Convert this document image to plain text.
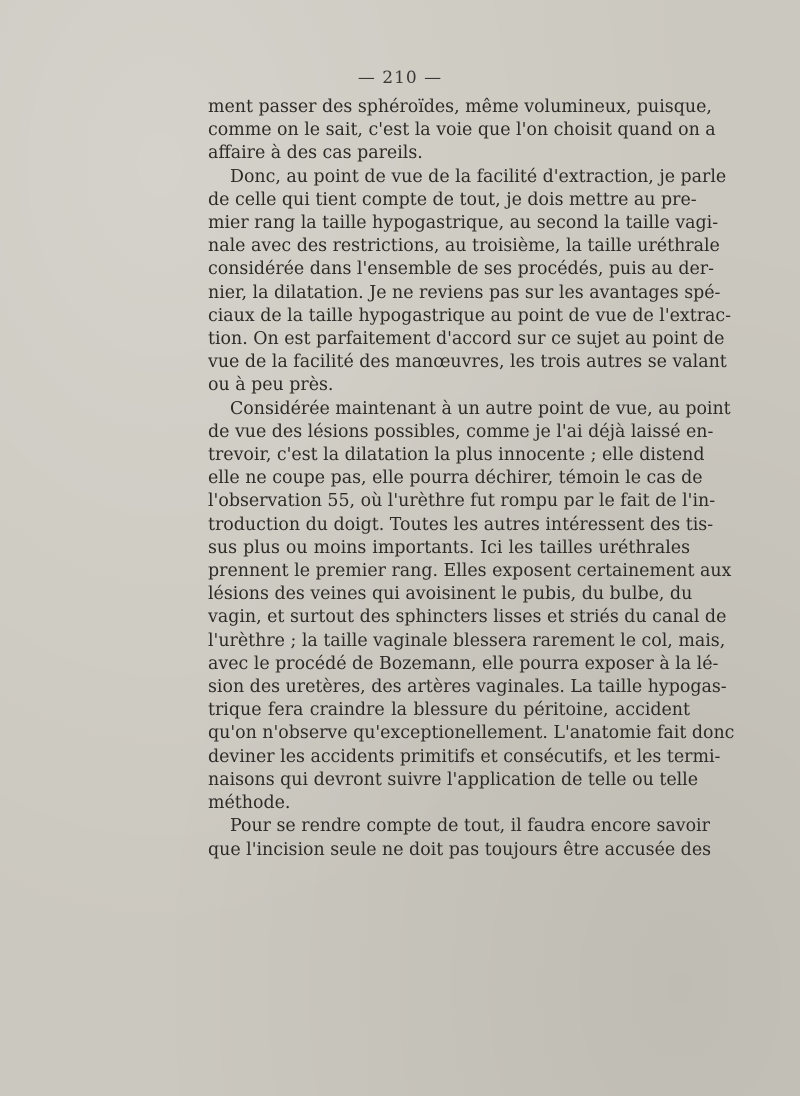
— 210 —

ment passer des sphéroïdes, même volumineux, puisque,
comme on le sait, c'est la voie que l'on choisit quand on a
affaire à des cas pareils.

Donc, au point de vue de la facilité d'extraction, je parle
de celle qui tient compte de tout, je dois mettre au pre-
mier rang la taille hypogastrique, au second la taille vagi-
nale avec des restrictions, au troisième, la taille uréthrale
considérée dans l'ensemble de ses procédés, puis au der-
nier, la dilatation. Je ne reviens pas sur les avantages spé-
ciaux de la taille hypogastrique au point de vue de l'extrac-
tion. On est parfaitement d'accord sur ce sujet au point de
vue de la facilité des manœuvres, les trois autres se valant
ou à peu près.

Considérée maintenant à un autre point de vue, au point
de vue des lésions possibles, comme je l'ai déjà laissé en-
trevoir, c'est la dilatation la plus innocente ; elle distend
elle ne coupe pas, elle pourra déchirer, témoin le cas de
l'observation 55, où l'urèthre fut rompu par le fait de l'in-
troduction du doigt. Toutes les autres intéressent des tis-
sus plus ou moins importants. Ici les tailles uréthrales
prennent le premier rang. Elles exposent certainement aux
lésions des veines qui avoisinent le pubis, du bulbe, du
vagin, et surtout des sphincters lisses et striés du canal de
l'urèthre ; la taille vaginale blessera rarement le col, mais,
avec le procédé de Bozemann, elle pourra exposer à la lé-
sion des uretères, des artères vaginales. La taille hypogas-
trique fera craindre la blessure du péritoine, accident
qu'on n'observe qu'exceptionellement. L'anatomie fait donc
deviner les accidents primitifs et consécutifs, et les termi-
naisons qui devront suivre l'application de telle ou telle
méthode.

Pour se rendre compte de tout, il faudra encore savoir
que l'incision seule ne doit pas toujours être accusée des
